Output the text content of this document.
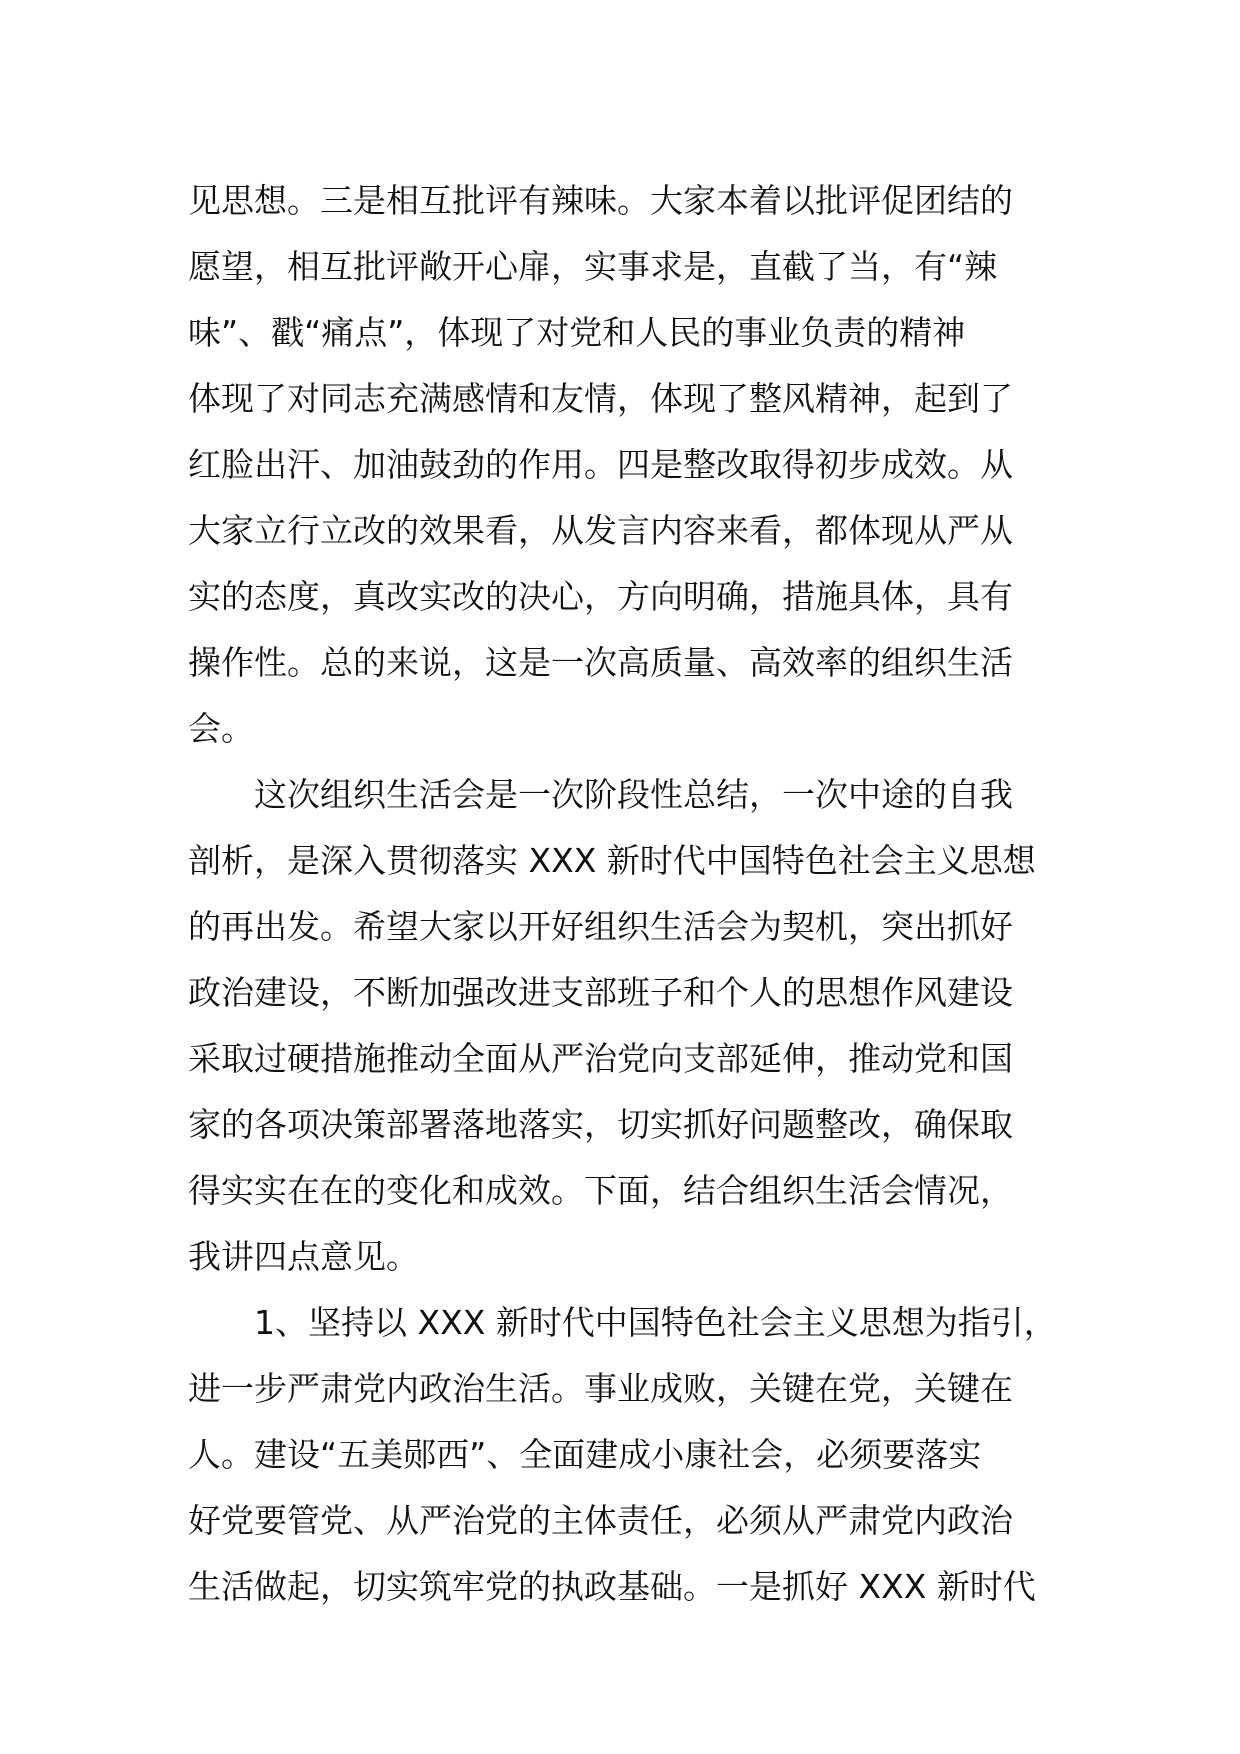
见思想。三是相互批评有辣味。大家本着以批评促团结的
愿望，相互批评敞开心扉，实事求是，直截了当，有“辣
味”、戳“痛点”，体现了对党和人民的事业负责的精神
体现了对同志充满感情和友情，体现了整风精神，起到了
红脸出汗、加油鼓劲的作用。四是整改取得初步成效。从
大家立行立改的效果看，从发言内容来看，都体现从严从
实的态度，真改实改的决心，方向明确，措施具体，具有
操作性。总的来说，这是一次高质量、高效率的组织生活
会。
这次组织生活会是一次阶段性总结，一次中途的自我
剖析，是深入贯彻落实 XXX 新时代中国特色社会主义思想
的再出发。希望大家以开好组织生活会为契机，突出抓好
政治建设，不断加强改进支部班子和个人的思想作风建设
采取过硬措施推动全面从严治党向支部延伸，推动党和国
家的各项决策部署落地落实，切实抓好问题整改，确保取
得实实在在的变化和成效。下面，结合组织生活会情况，
我讲四点意见。
1、坚持以 XXX 新时代中国特色社会主义思想为指引，
进一步严肃党内政治生活。事业成败，关键在党，关键在
人。建设“五美郧西”、全面建成小康社会，必须要落实
好党要管党、从严治党的主体责任，必须从严肃党内政治
生活做起，切实筑牢党的执政基础。一是抓好 XXX 新时代
